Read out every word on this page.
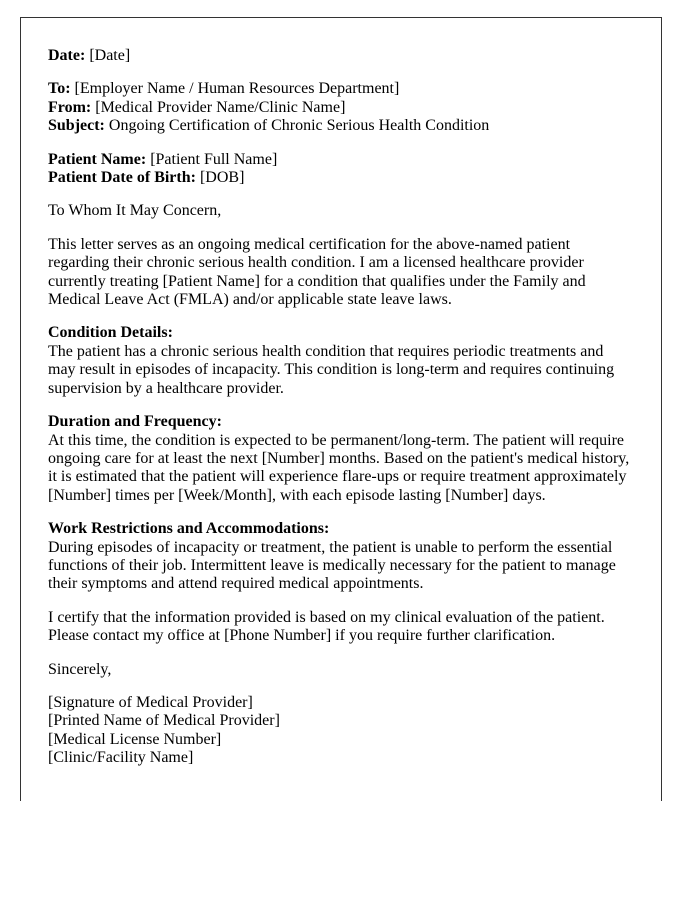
Date: [Date]
To: [Employer Name / Human Resources Department]
From: [Medical Provider Name/Clinic Name]
Subject: Ongoing Certification of Chronic Serious Health Condition
Patient Name: [Patient Full Name]
Patient Date of Birth: [DOB]
To Whom It May Concern,
This letter serves as an ongoing medical certification for the above-named patient
regarding their chronic serious health condition. I am a licensed healthcare provider
currently treating [Patient Name] for a condition that qualifies under the Family and
Medical Leave Act (FMLA) and/or applicable state leave laws.
Condition Details:
The patient has a chronic serious health condition that requires periodic treatments and
may result in episodes of incapacity. This condition is long-term and requires continuing
supervision by a healthcare provider.
Duration and Frequency:
At this time, the condition is expected to be permanent/long-term. The patient will require
ongoing care for at least the next [Number] months. Based on the patient's medical history,
it is estimated that the patient will experience flare-ups or require treatment approximately
[Number] times per [Week/Month], with each episode lasting [Number] days.
Work Restrictions and Accommodations:
During episodes of incapacity or treatment, the patient is unable to perform the essential
functions of their job. Intermittent leave is medically necessary for the patient to manage
their symptoms and attend required medical appointments.
I certify that the information provided is based on my clinical evaluation of the patient.
Please contact my office at [Phone Number] if you require further clarification.
Sincerely,
[Signature of Medical Provider]
[Printed Name of Medical Provider]
[Medical License Number]
[Clinic/Facility Name]
